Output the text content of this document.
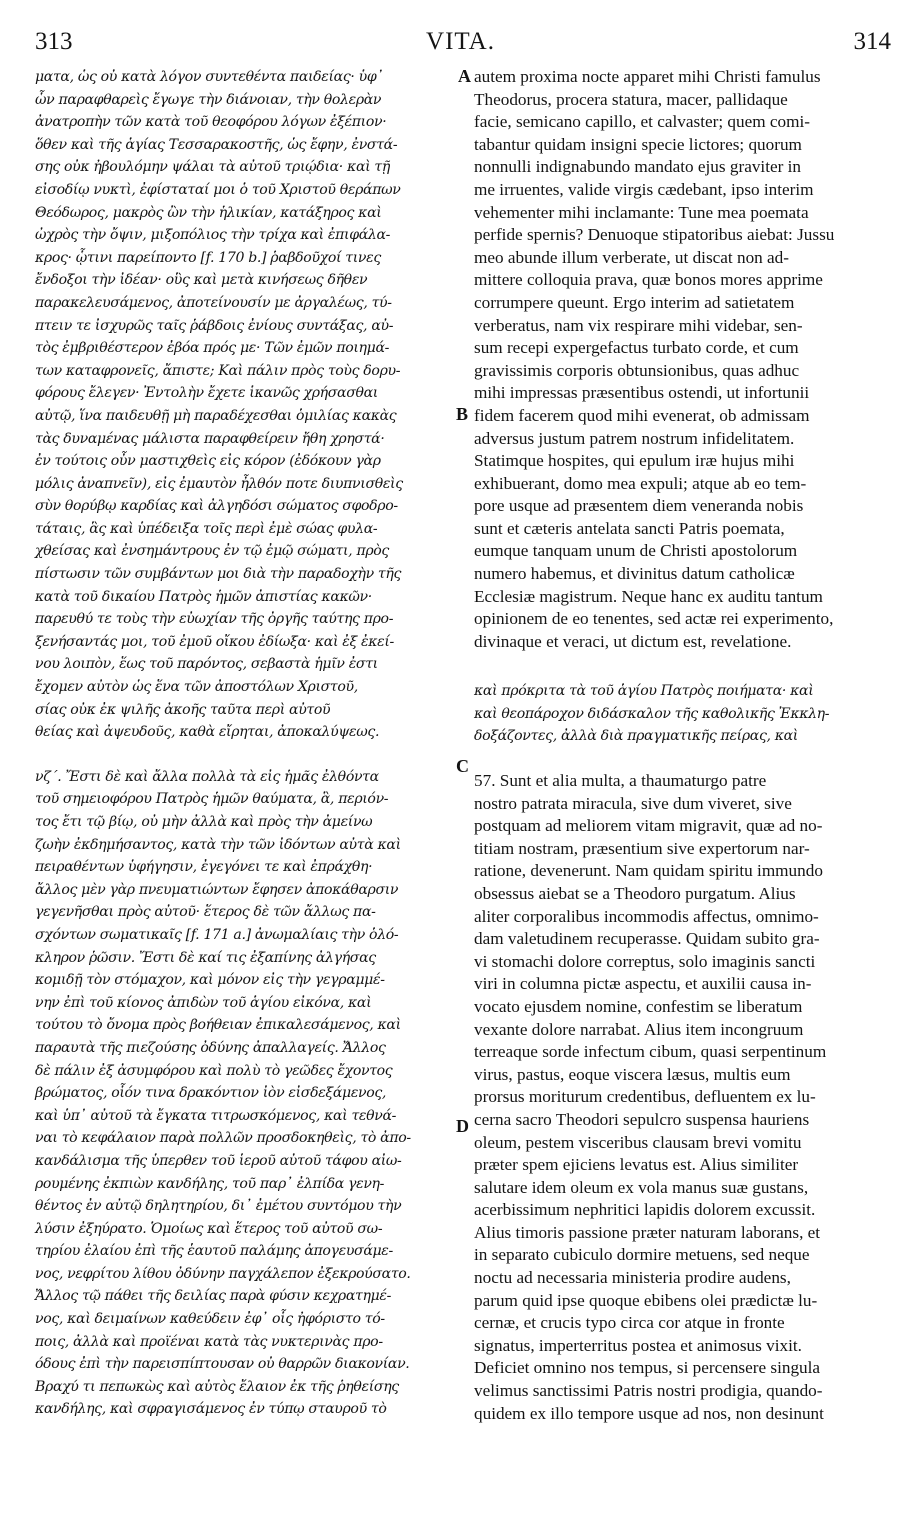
313	VITA.	314
ματα, ὡς οὐ κατὰ λόγον συντεθέντα παιδείας· ὑφ᾽
ὧν παραφθαρεὶς ἔγωγε τὴν διάνοιαν, τὴν θολερὰν
ἀνατροπὴν τῶν κατὰ τοῦ θεοφόρου λόγων ἐξέπιον·
ὅθεν καὶ τῆς ἁγίας Τεσσαρακοστῆς, ὡς ἔφην, ἐνστά-
σης οὐκ ἠβουλόμην ψάλαι τὰ αὐτοῦ τριῴδια· καὶ τῇ
εἰσοδίῳ νυκτὶ, ἐφίσταταί μοι ὁ τοῦ Χριστοῦ θεράπων
Θεόδωρος, μακρὸς ὢν τὴν ἡλικίαν, κατάξηρος καὶ
ὠχρὸς τὴν ὄψιν, μιξοπόλιος τὴν τρίχα καὶ ἐπιφάλα-
κρος· ᾧτινι παρείποντο [f. 170 b.] ῥαβδοῦχοί τινες
ἔνδοξοι τὴν ἰδέαν· οὓς καὶ μετὰ κινήσεως δῆθεν
παρακελευσάμενος, ἀποτείνουσίν με ἀργαλέως, τύ-
πτειν τε ἰσχυρῶς ταῖς ῥάβδοις ἐνίους συντάξας, αὐ-
τὸς ἐμβριθέστερον ἐβόα πρός με· Τῶν ἐμῶν ποιημά-
των καταφρονεῖς, ἄπιστε; Καὶ πάλιν πρὸς τοὺς δορυ-
φόρους ἔλεγεν· Ἐντολὴν ἔχετε ἱκανῶς χρήσασθαι
αὐτῷ, ἵνα παιδευθῇ μὴ παραδέχεσθαι ὁμιλίας κακὰς
τὰς δυναμένας μάλιστα παραφθείρειν ἤθη χρηστά·
ἐν τούτοις οὖν μαστιχθεὶς εἰς κόρον (ἐδόκουν γὰρ
μόλις ἀναπνεῖν), εἰς ἐμαυτὸν ἦλθόν ποτε διυπνισθεὶς
σὺν θορύβῳ καρδίας καὶ ἀλγηδόσι σώματος σφοδρο-
τάταις, ἃς καὶ ὑπέδειξα τοῖς περὶ ἐμὲ σώας φυλα-
χθείσας καὶ ἐνσημάντρους ἐν τῷ ἐμῷ σώματι, πρὸς
πίστωσιν τῶν συμβάντων μοι διὰ τὴν παραδοχὴν τῆς
κατὰ τοῦ δικαίου Πατρὸς ἡμῶν ἀπιστίας κακῶν·
παρευθύ τε τοὺς τὴν εὐωχίαν τῆς ὀργῆς ταύτης προ-
ξενήσαντάς μοι, τοῦ ἐμοῦ οἴκου ἐδίωξα· καὶ ἐξ ἐκεί-
νου λοιπὸν, ἕως τοῦ παρόντος, σεβαστὰ ἡμῖν ἐστι
ἔχομεν αὐτὸν ὡς ἕνα τῶν ἀποστόλων Χριστοῦ,
σίας οὐκ ἐκ ψιλῆς ἀκοῆς ταῦτα περὶ αὐτοῦ
θείας καὶ ἀψευδοῦς, καθὰ εἴρηται, ἀποκαλύψεως.
νζ΄. Ἔστι δὲ καὶ ἄλλα πολλὰ τὰ εἰς ἡμᾶς ἐλθόντα
τοῦ σημειοφόρου Πατρὸς ἡμῶν θαύματα, ἃ, περιόν-
τος ἔτι τῷ βίῳ, οὐ μὴν ἀλλὰ καὶ πρὸς τὴν ἀμείνω
ζωὴν ἐκδημήσαντος, κατὰ τὴν τῶν ἰδόντων αὐτὰ καὶ
πειραθέντων ὑφήγησιν, ἐγεγόνει τε καὶ ἐπράχθη·
ἄλλος μὲν γὰρ πνευματιώντων ἔφησεν ἀποκάθαρσιν
γεγενῆσθαι πρὸς αὐτοῦ· ἕτερος δὲ τῶν ἄλλως πα-
σχόντων σωματικαῖς [f. 171 a.] ἀνωμαλίαις τὴν ὁλό-
κληρον ῥῶσιν. Ἔστι δὲ καί τις ἐξαπίνης ἀλγήσας
κομιδῇ τὸν στόμαχον, καὶ μόνον εἰς τὴν γεγραμμέ-
νην ἐπὶ τοῦ κίονος ἀπιδὼν τοῦ ἁγίου εἰκόνα, καὶ
τούτου τὸ ὄνομα πρὸς βοήθειαν ἐπικαλεσάμενος, καὶ
παραυτὰ τῆς πιεζούσης ὀδύνης ἀπαλλαγείς. Ἄλλος
δὲ πάλιν ἐξ ἀσυμφόρου καὶ πολὺ τὸ γεῶδες ἔχοντος
βρώματος, οἷόν τινα δρακόντιον ἰὸν εἰσδεξάμενος,
καὶ ὑπ᾽ αὐτοῦ τὰ ἔγκατα τιτρωσκόμενος, καὶ τεθνά-
ναι τὸ κεφάλαιον παρὰ πολλῶν προσδοκηθεὶς, τὸ ἀπο-
κανδάλισμα τῆς ὑπερθεν τοῦ ἱεροῦ αὐτοῦ τάφου αἰω-
ρουμένης ἐκπιὼν κανδήλης, τοῦ παρ᾽ ἐλπίδα γενη-
θέντος ἐν αὐτῷ δηλητηρίου, δι᾽ ἐμέτου συντόμου τὴν
λύσιν ἐξηύρατο. Ὁμοίως καὶ ἕτερος τοῦ αὐτοῦ σω-
τηρίου ἐλαίου ἐπὶ τῆς ἑαυτοῦ παλάμης ἀπογευσάμε-
νος, νεφρίτου λίθου ὀδύνην παγχάλεπον ἐξεκρούσατο.
Ἄλλος τῷ πάθει τῆς δειλίας παρὰ φύσιν κεχρατημέ-
νος, καὶ δειμαίνων καθεύδειν ἐφ᾽ οἷς ἠφόριστο τό-
ποις, ἀλλὰ καὶ προϊέναι κατὰ τὰς νυκτερινὰς προ-
όδους ἐπὶ τὴν παρεισπίπτουσαν οὐ θαρρῶν διακονίαν.
Βραχύ τι πεπωκὼς καὶ αὐτὸς ἔλαιον ἐκ τῆς ῥηθείσης
κανδήλης, καὶ σφραγισάμενος ἐν τύπῳ σταυροῦ τὸ
autem proxima nocte apparet mihi Christi famulus
Theodorus, procera statura, macer, pallidaque
facie, semicano capillo, et calvaster; quem comi-
tabantur quidam insigni specie lictores; quorum
nonnulli indignabundo mandato ejus graviter in
me irruentes, valide virgis cædebant, ipso interim
vehementer mihi inclamante: Tune mea poemata
perfide spernis? Denuoque stipatoribus aiebat: Jussu
meo abunde illum verberate, ut discat non ad-
mittere colloquia prava, quæ bonos mores apprime
corrumpere queunt. Ergo interim ad satietatem
verberatus, nam vix respirare mihi videbar, sen-
sum recepi expergefactus turbato corde, et cum
gravissimis corporis obtunsionibus, quas adhuc
mihi impressas præsentibus ostendi, ut infortunii
fidem facerem quod mihi evenerat, ob admissam
adversus justum patrem nostrum infidelitatem.
Statimque hospites, qui epulum iræ hujus mihi
exhibuerant, domo mea expuli; atque ab eo tem-
pore usque ad præsentem diem veneranda nobis
sunt et cæteris antelata sancti Patris poemata,
eumque tanquam unum de Christi apostolorum
numero habemus, et divinitus datum catholicæ
Ecclesiæ magistrum. Neque hanc ex auditu tantum
opinionem de eo tenentes, sed actæ rei experimento,
divinaque et veraci, ut dictum est, revelatione.
καὶ πρόκριτα τὰ τοῦ ἁγίου Πατρὸς ποιήματα· καὶ
καὶ θεοπάροχον διδάσκαλον τῆς καθολικῆς Ἐκκλη-
δοξάζοντες, ἀλλὰ διὰ πραγματικῆς πείρας, καὶ
57. Sunt et alia multa, a thaumaturgo patre
nostro patrata miracula, sive dum viveret, sive
postquam ad meliorem vitam migravit, quæ ad no-
titiam nostram, præsentium sive expertorum nar-
ratione, devenerunt. Nam quidam spiritu immundo
obsessus aiebat se a Theodoro purgatum. Alius
aliter corporalibus incommodis affectus, omnimo-
dam valetudinem recuperasse. Quidam subito gra-
vi stomachi dolore correptus, solo imaginis sancti
viri in columna pictæ aspectu, et auxilii causa in-
vocato ejusdem nomine, confestim se liberatum
vexante dolore narrabat. Alius item incongruum
terreaque sorde infectum cibum, quasi serpentinum
virus, pastus, eoque viscera læsus, multis eum
prorsus moriturum credentibus, defluentem ex lu-
cerna sacro Theodori sepulcro suspensa hauriens
oleum, pestem visceribus clausam brevi vomitu
præter spem ejiciens levatus est. Alius similiter
salutare idem oleum ex vola manus suæ gustans,
acerbissimum nephritici lapidis dolorem excussit.
Alius timoris passione præter naturam laborans, et
in separato cubiculo dormire metuens, sed neque
noctu ad necessaria ministeria prodire audens,
parum quid ipse quoque ebibens olei prædictæ lu-
cernæ, et crucis typo circa cor atque in fronte
signatus, imperterritus postea et animosus vixit.
Deficiet omnino nos tempus, si percensere singula
velimus sanctissimi Patris nostri prodigia, quando-
quidem ex illo tempore usque ad nos, non desinunt
A
B
C
D
